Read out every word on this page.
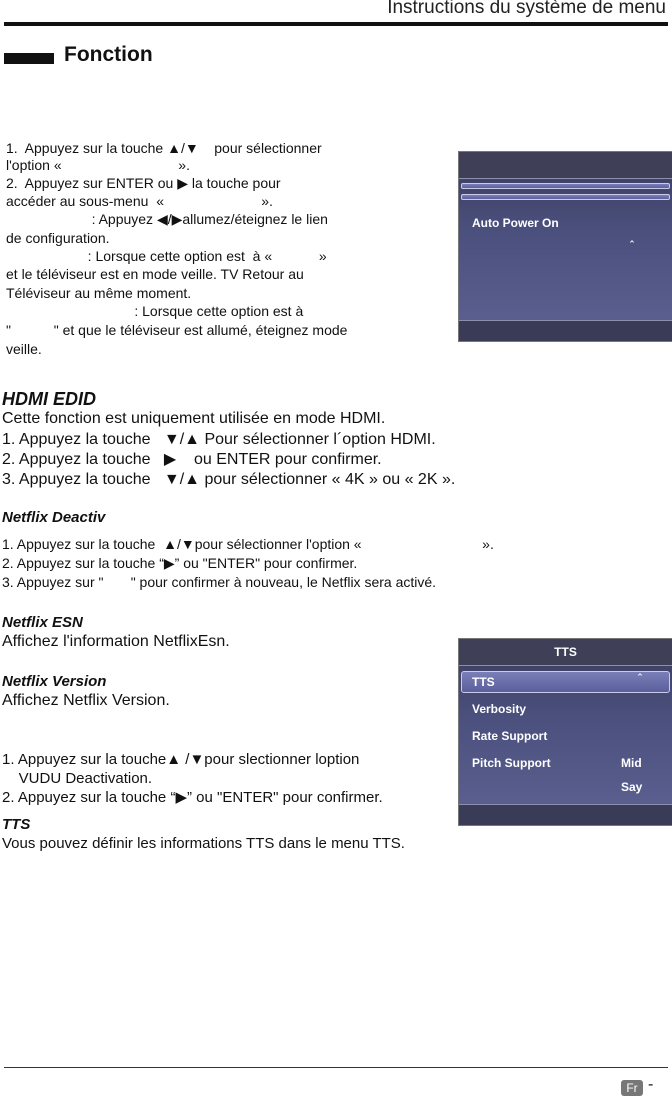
Instructions du système de menu
Fonction
1.  Appuyez sur la touche ▲/▼    pour sélectionner
l'option «                              ».
2.  Appuyez sur ENTER ou ▶ la touche pour
accéder au sous-menu  «                         ».
: Appuyez ◀/▶allumez/éteignez le lien
de configuration.
: Lorsque cette option est  à «            »
et le téléviseur est en mode veille. TV Retour au
Téléviseur au même moment.
: Lorsque cette option est à
"           " et que le téléviseur est allumé, éteignez mode
veille.
Auto Power On
ˆ
HDMI EDID
Cette fonction est uniquement utilisée en mode HDMI.
1. Appuyez la touche   ▼/▲ Pour sélectionner l´option HDMI.
2. Appuyez la touche   ▶    ou ENTER pour confirmer.
3. Appuyez la touche   ▼/▲ pour sélectionner « 4K » ou « 2K ».
Netflix Deactiv
1. Appuyez sur la touche  ▲/▼pour sélectionner l'option «                               ».
2. Appuyez sur la touche “▶” ou "ENTER" pour confirmer.
3. Appuyez sur "       " pour confirmer à nouveau, le Netflix sera activé.
Netflix ESN
Affichez l'information NetflixEsn.
Netflix Version
Affichez Netflix Version.
1. Appuyez sur la touche▲ /▼pour slectionner loption
VUDU Deactivation.
2. Appuyez sur la touche “▶” ou "ENTER" pour confirmer.
TTS
Vous pouvez définir les informations TTS dans le menu TTS.
TTS
TTS	ˆ
Verbosity
Rate Support
Pitch Support	Mid
Say
Fr -
